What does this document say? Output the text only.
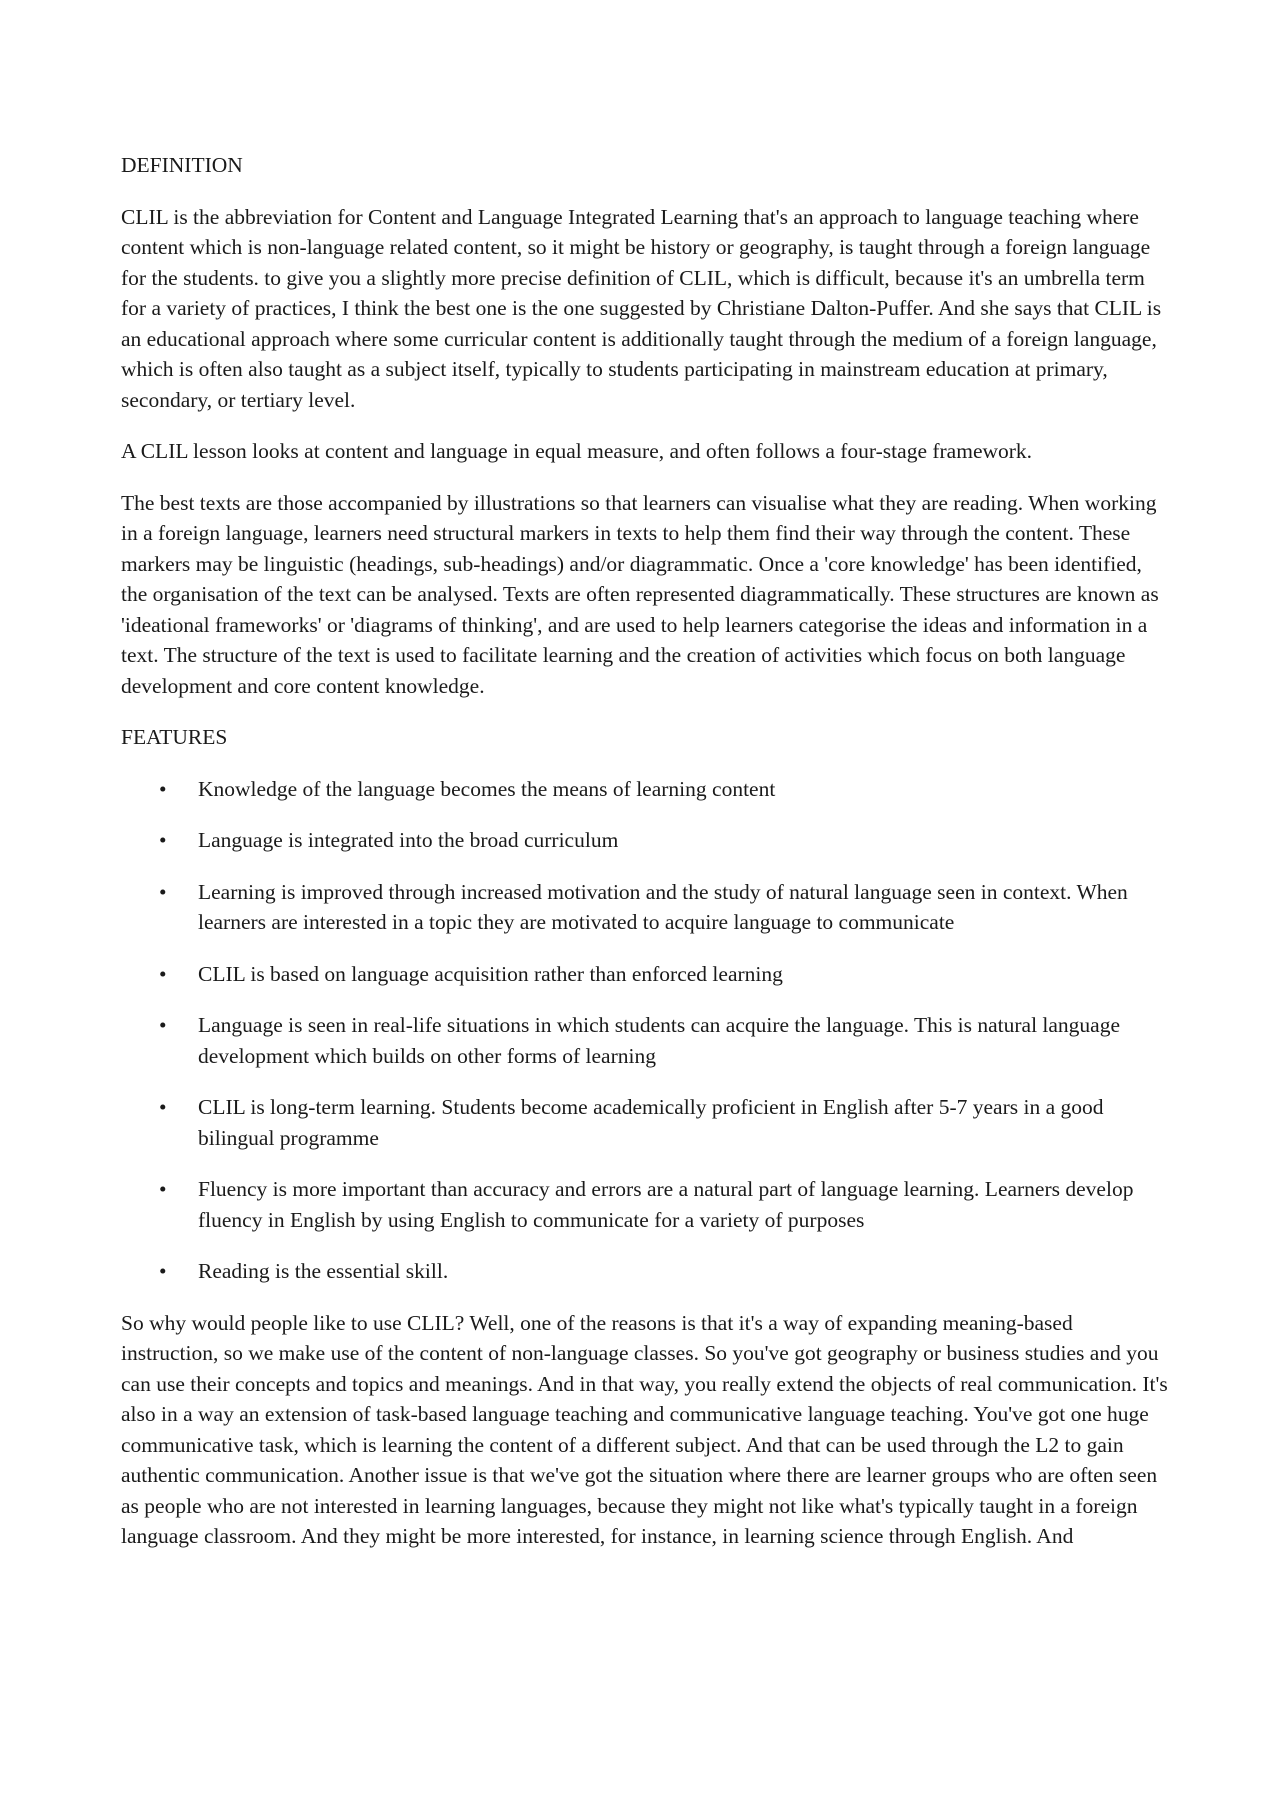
DEFINITION

CLIL is the abbreviation for Content and Language Integrated Learning that's an approach to language teaching where content which is non-language related content, so it might be history or geography, is taught through a foreign language for the students. to give you a slightly more precise definition of CLIL, which is difficult, because it's an umbrella term for a variety of practices, I think the best one is the one suggested by Christiane Dalton-Puffer. And she says that CLIL is an educational approach where some curricular content is additionally taught through the medium of a foreign language, which is often also taught as a subject itself, typically to students participating in mainstream education at primary, secondary, or tertiary level.

A CLIL lesson looks at content and language in equal measure, and often follows a four-stage framework.

The best texts are those accompanied by illustrations so that learners can visualise what they are reading. When working in a foreign language, learners need structural markers in texts to help them find their way through the content. These markers may be linguistic (headings, sub-headings) and/or diagrammatic. Once a 'core knowledge' has been identified, the organisation of the text can be analysed. Texts are often represented diagrammatically. These structures are known as 'ideational frameworks' or 'diagrams of thinking', and are used to help learners categorise the ideas and information in a text. The structure of the text is used to facilitate learning and the creation of activities which focus on both language development and core content knowledge.

FEATURES
• Knowledge of the language becomes the means of learning content
• Language is integrated into the broad curriculum
• Learning is improved through increased motivation and the study of natural language seen in context. When learners are interested in a topic they are motivated to acquire language to communicate
• CLIL is based on language acquisition rather than enforced learning
• Language is seen in real-life situations in which students can acquire the language. This is natural language development which builds on other forms of learning
• CLIL is long-term learning. Students become academically proficient in English after 5-7 years in a good bilingual programme
• Fluency is more important than accuracy and errors are a natural part of language learning. Learners develop fluency in English by using English to communicate for a variety of purposes
• Reading is the essential skill.

So why would people like to use CLIL? Well, one of the reasons is that it's a way of expanding meaning-based instruction, so we make use of the content of non-language classes. So you've got geography or business studies and you can use their concepts and topics and meanings. And in that way, you really extend the objects of real communication. It's also in a way an extension of task-based language teaching and communicative language teaching. You've got one huge communicative task, which is learning the content of a different subject. And that can be used through the L2 to gain authentic communication. Another issue is that we've got the situation where there are learner groups who are often seen as people who are not interested in learning languages, because they might not like what's typically taught in a foreign language classroom. And they might be more interested, for instance, in learning science through English. And
